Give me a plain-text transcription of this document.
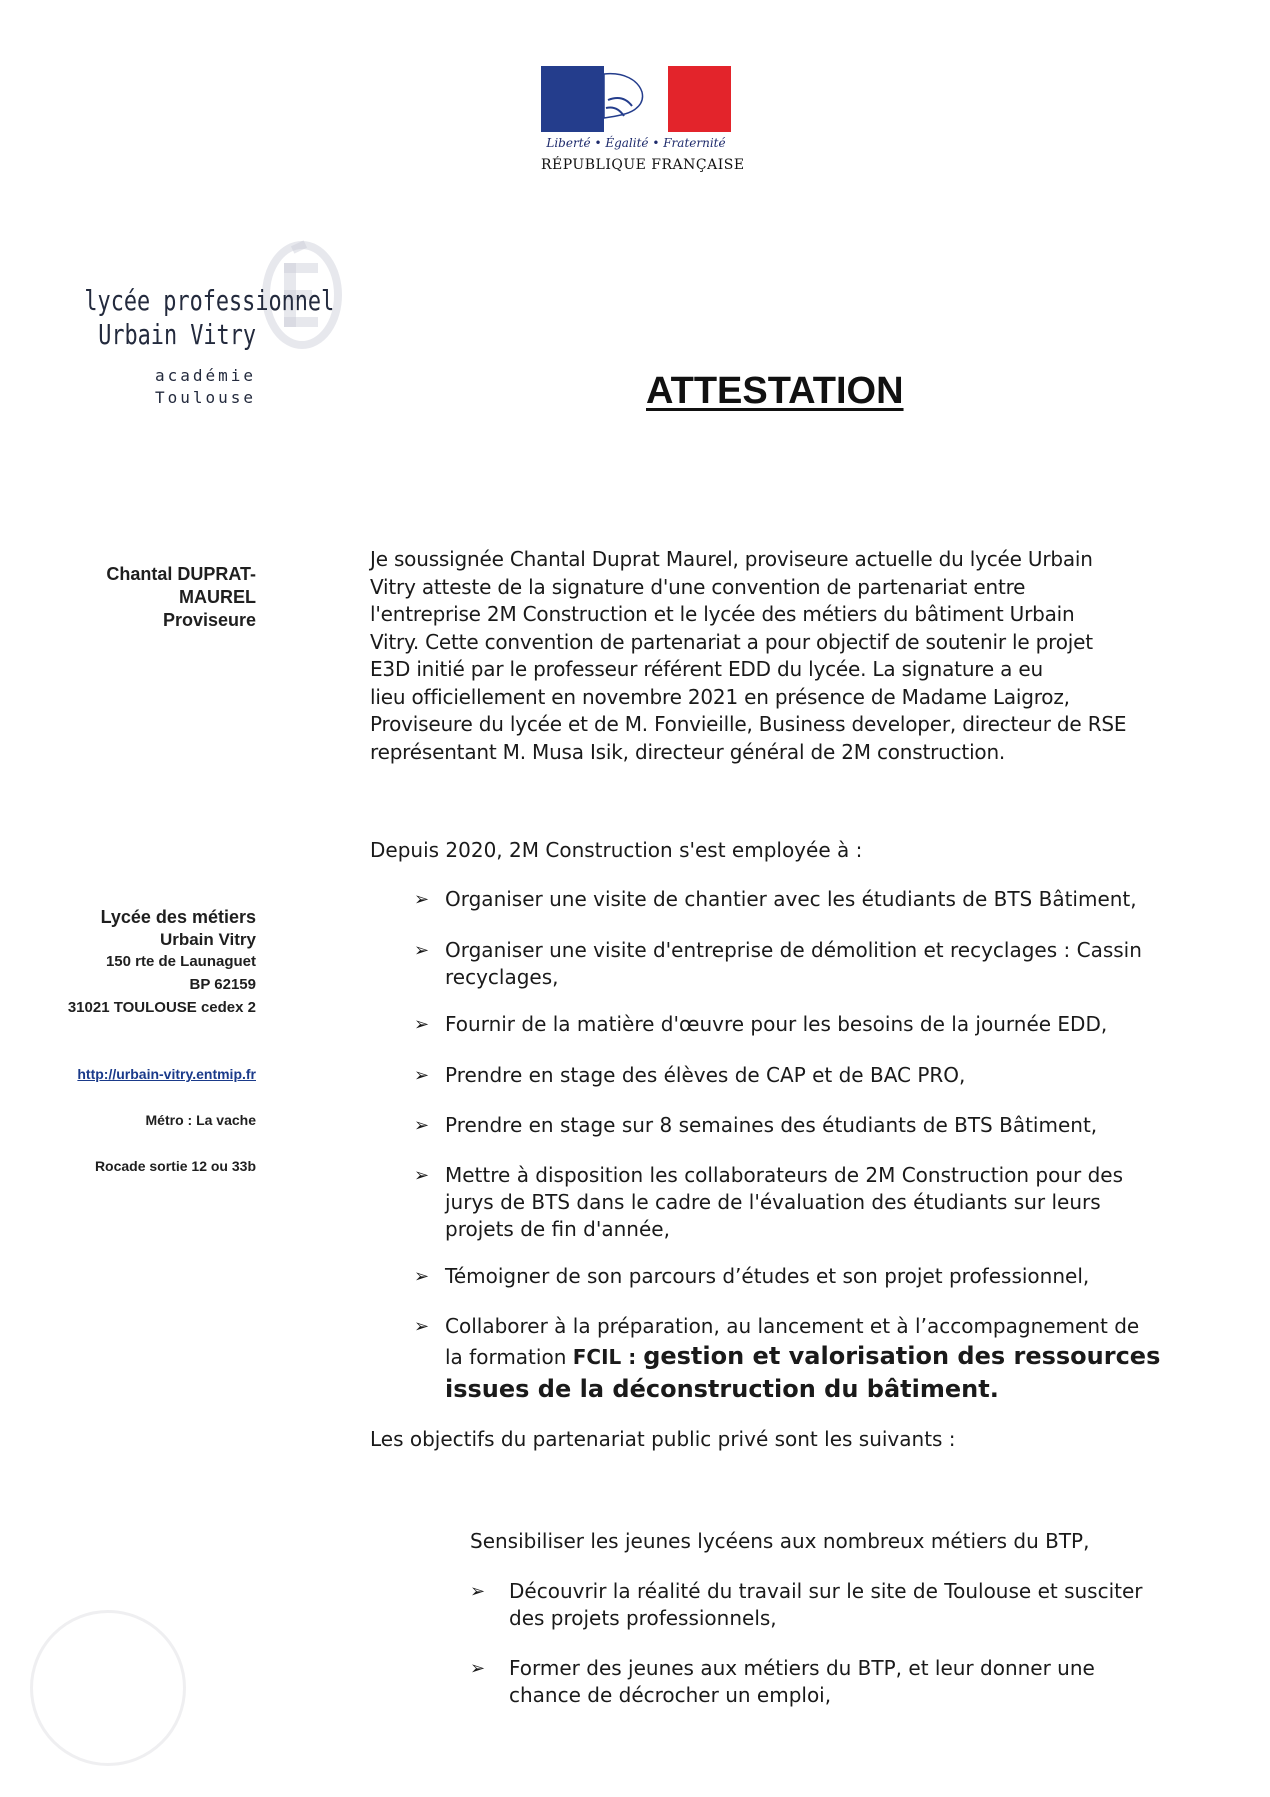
Liberté • Égalité • Fraternité
RÉPUBLIQUE FRANÇAISE
lycée professionnel
Urbain Vitry
académie
Toulouse	ATTESTATION
Chantal DUPRAT-
MAUREL
Proviseure
Lycée des métiers
Urbain Vitry
150 rte de Launaguet
BP 62159
31021 TOULOUSE cedex 2
http://urbain-vitry.entmip.fr
Métro : La vache
Rocade sortie 12 ou 33b
Je soussignée Chantal Duprat Maurel, proviseure actuelle du lycée Urbain
Vitry atteste de la signature d'une convention de partenariat entre
l'entreprise 2M Construction et le lycée des métiers du bâtiment Urbain
Vitry. Cette convention de partenariat a pour objectif de soutenir le projet
E3D initié par le professeur référent EDD du lycée. La signature a eu
lieu officiellement en novembre 2021 en présence de Madame Laigroz,
Proviseure du lycée et de M. Fonvieille, Business developer, directeur de RSE
représentant M. Musa Isik, directeur général de 2M construction.
Depuis 2020, 2M Construction s'est employée à :
➢ Organiser une visite de chantier avec les étudiants de BTS Bâtiment,
➢ Organiser une visite d'entreprise de démolition et recyclages : Cassin
recyclages,
➢ Fournir de la matière d'œuvre pour les besoins de la journée EDD,
➢ Prendre en stage des élèves de CAP et de BAC PRO,
➢ Prendre en stage sur 8 semaines des étudiants de BTS Bâtiment,
➢ Mettre à disposition les collaborateurs de 2M Construction pour des
jurys de BTS dans le cadre de l'évaluation des étudiants sur leurs
projets de fin d'année,
➢ Témoigner de son parcours d’études et son projet professionnel,
➢ Collaborer à la préparation, au lancement et à l’accompagnement de
la formation FCIL : gestion et valorisation des ressources
issues de la déconstruction du bâtiment.
Les objectifs du partenariat public privé sont les suivants :
Sensibiliser les jeunes lycéens aux nombreux métiers du BTP,
➢ Découvrir la réalité du travail sur le site de Toulouse et susciter
des projets professionnels,
➢ Former des jeunes aux métiers du BTP, et leur donner une
chance de décrocher un emploi,
